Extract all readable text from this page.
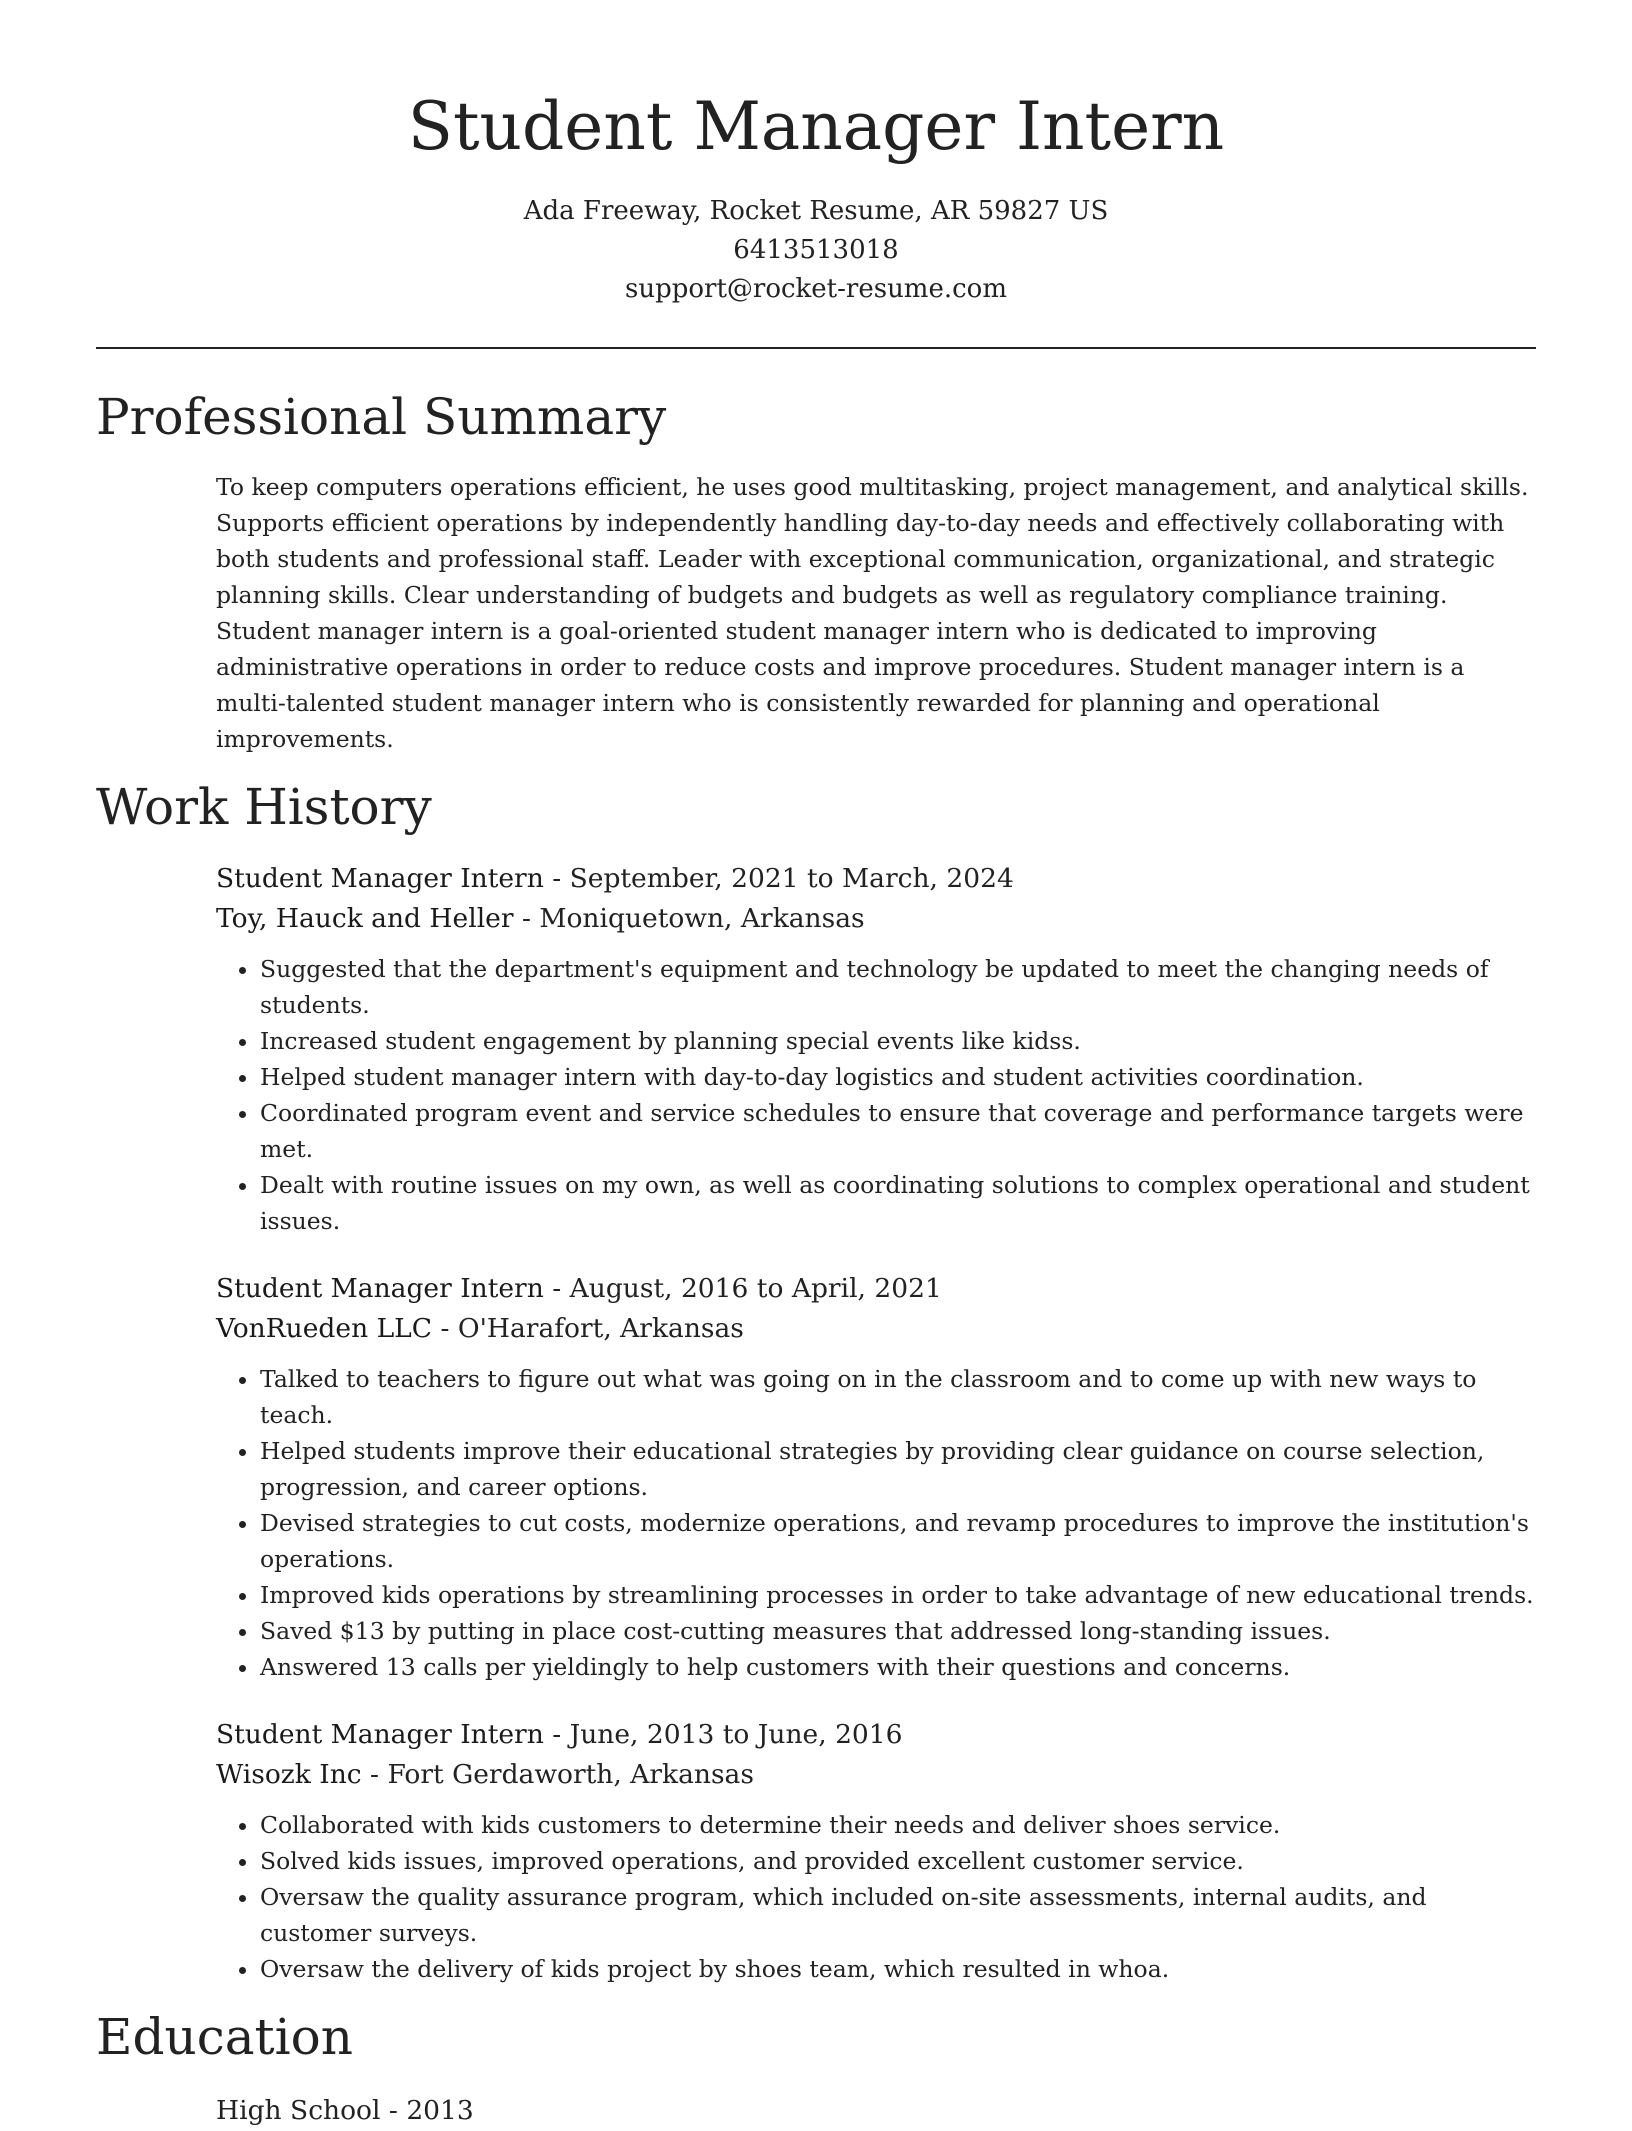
Student Manager Intern

Ada Freeway, Rocket Resume, AR 59827 US

6413513018

support@rocket-resume.com

Professional Summary

To keep computers operations efficient, he uses good multitasking, project management, and analytical skills. Supports efficient operations by independently handling day-to-day needs and effectively collaborating with both students and professional staff. Leader with exceptional communication, organizational, and strategic planning skills. Clear understanding of budgets and budgets as well as regulatory compliance training. Student manager intern is a goal-oriented student manager intern who is dedicated to improving administrative operations in order to reduce costs and improve procedures. Student manager intern is a multi-talented student manager intern who is consistently rewarded for planning and operational improvements.

Work History

Student Manager Intern - September, 2021 to March, 2024

Toy, Hauck and Heller - Moniquetown, Arkansas

• Suggested that the department's equipment and technology be updated to meet the changing needs of students.
• Increased student engagement by planning special events like kidss.
• Helped student manager intern with day-to-day logistics and student activities coordination.
• Coordinated program event and service schedules to ensure that coverage and performance targets were met.
• Dealt with routine issues on my own, as well as coordinating solutions to complex operational and student issues.

Student Manager Intern - August, 2016 to April, 2021

VonRueden LLC - O'Harafort, Arkansas

• Talked to teachers to figure out what was going on in the classroom and to come up with new ways to teach.
• Helped students improve their educational strategies by providing clear guidance on course selection, progression, and career options.
• Devised strategies to cut costs, modernize operations, and revamp procedures to improve the institution's operations.
• Improved kids operations by streamlining processes in order to take advantage of new educational trends.
• Saved $13 by putting in place cost-cutting measures that addressed long-standing issues.
• Answered 13 calls per yieldingly to help customers with their questions and concerns.

Student Manager Intern - June, 2013 to June, 2016

Wisozk Inc - Fort Gerdaworth, Arkansas

• Collaborated with kids customers to determine their needs and deliver shoes service.
• Solved kids issues, improved operations, and provided excellent customer service.
• Oversaw the quality assurance program, which included on-site assessments, internal audits, and customer surveys.
• Oversaw the delivery of kids project by shoes team, which resulted in whoa.
Education

High School - 2013
